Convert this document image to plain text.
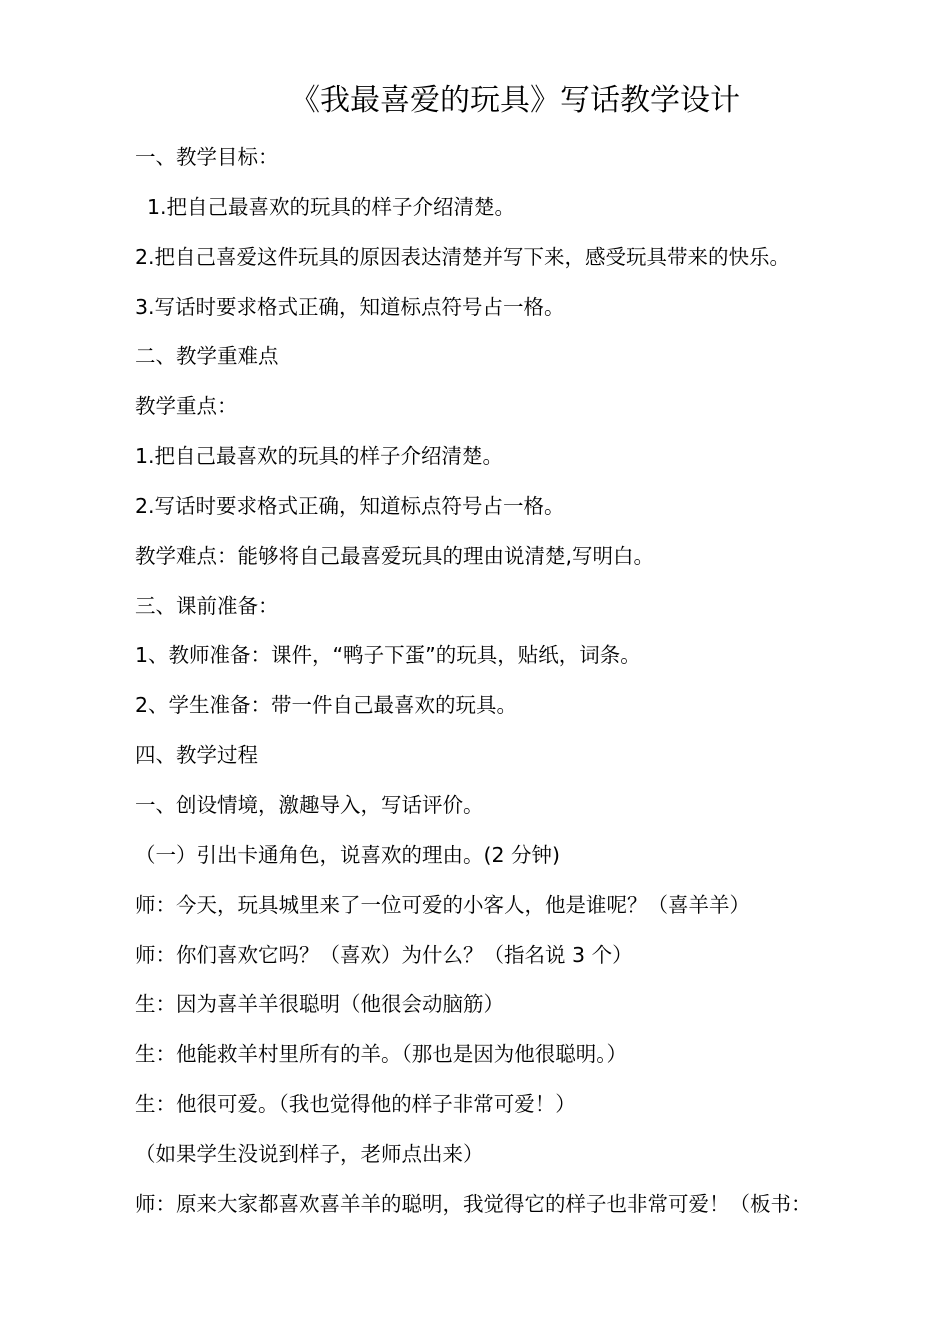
《我最喜爱的玩具》写话教学设计
一、教学目标：
1.把自己最喜欢的玩具的样子介绍清楚。
2.把自己喜爱这件玩具的原因表达清楚并写下来，感受玩具带来的快乐。
3.写话时要求格式正确，知道标点符号占一格。
二、教学重难点
教学重点：
1.把自己最喜欢的玩具的样子介绍清楚。
2.写话时要求格式正确，知道标点符号占一格。
教学难点：能够将自己最喜爱玩具的理由说清楚,写明白。
三、课前准备：
1、教师准备：课件，“鸭子下蛋”的玩具，贴纸，词条。
2、学生准备：带一件自己最喜欢的玩具。
四、教学过程
一、创设情境，激趣导入，写话评价。
（一）引出卡通角色，说喜欢的理由。(2 分钟)
师：今天，玩具城里来了一位可爱的小客人，他是谁呢？（喜羊羊）
师：你们喜欢它吗？（喜欢）为什么？（指名说 3 个）
生：因为喜羊羊很聪明（他很会动脑筋）
生：他能救羊村里所有的羊。（那也是因为他很聪明。）
生：他很可爱。（我也觉得他的样子非常可爱！）
（如果学生没说到样子，老师点出来）
师：原来大家都喜欢喜羊羊的聪明，我觉得它的样子也非常可爱！（板书：
